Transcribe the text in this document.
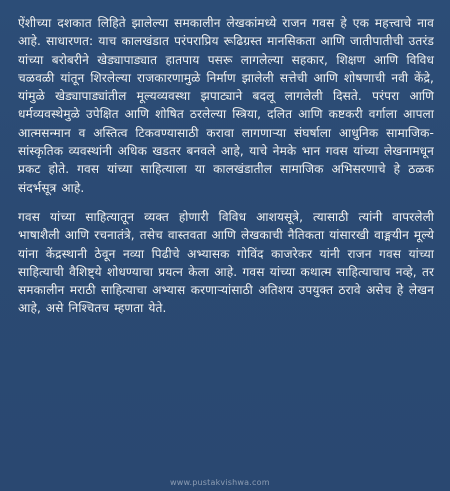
ऐंशीच्या दशकात लिहिते झालेल्या समकालीन लेखकांमध्ये राजन गवस हे एक महत्त्वाचे नाव आहे. साधारणत: याच कालखंडात परंपराप्रिय रूढिग्रस्त मानसिकता आणि जातीपातीची उतरंड यांच्या बरोबरीने खेड्यापाड्यात हातपाय पसरू लागलेल्या सहकार, शिक्षण आणि विविध चळवळी यांतून शिरलेल्या राजकारणामुळे निर्माण झालेली सत्तेची आणि शोषणाची नवी केंद्रे, यांमुळे खेड्यापाड्यांतील मूल्यव्यवस्था झपाट्याने बदलू लागलेली दिसते. परंपरा आणि धर्मव्यवस्थेमुळे उपेक्षित आणि शोषित ठरलेल्या स्त्रिया, दलित आणि कष्टकरी वर्गाला आपला आत्मसन्मान व अस्तित्व टिकवण्यासाठी करावा लागणाऱ्या संघर्षाला आधुनिक सामाजिक-सांस्कृतिक व्यवस्थांनी अधिक खडतर बनवले आहे, याचे नेमके भान गवस यांच्या लेखनामधून प्रकट होते. गवस यांच्या साहित्याला या कालखंडातील सामाजिक अभिसरणाचे हे ठळक संदर्भसूत्र आहे.

गवस यांच्या साहित्यातून व्यक्त होणारी विविध आशयसूत्रे, त्यासाठी त्यांनी वापरलेली भाषाशैली आणि रचनातंत्रे, तसेच वास्तवता आणि लेखकाची नैतिकता यांसारखी वाङ्मयीन मूल्ये यांना केंद्रस्थानी ठेवून नव्या पिढीचे अभ्यासक गोविंद काजरेकर यांनी राजन गवस यांच्या साहित्याची वैशिष्ट्ये शोधण्याचा प्रयत्न केला आहे. गवस यांच्या कथात्म साहित्याचाच नव्हे, तर समकालीन मराठी साहित्याचा अभ्यास करणाऱ्यांसाठी अतिशय उपयुक्त ठरावे असेच हे लेखन आहे, असे निश्चितच म्हणता येते.

www.pustakvishwa.com
